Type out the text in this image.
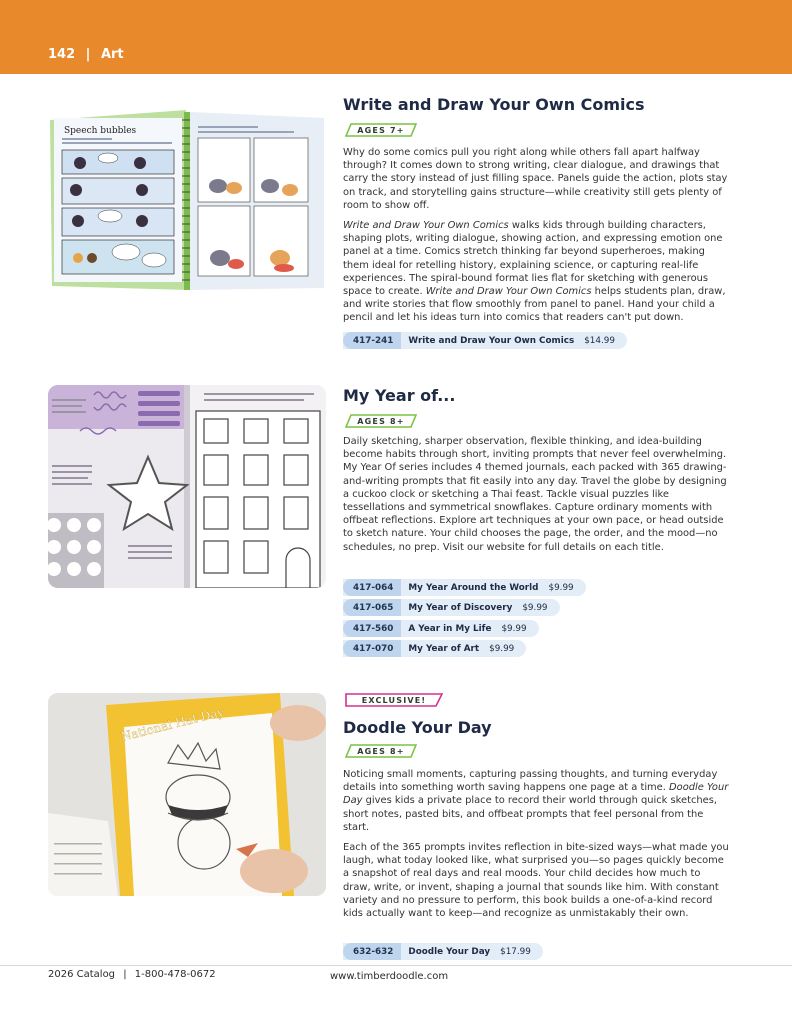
142 | Art
Speech bubbles
Write and Draw Your Own Comics
AGES 7+

Why do some comics pull you right along while others fall apart halfway through? It comes down to strong writing, clear dialogue, and drawings that carry the story instead of just filling space. Panels guide the action, plots stay on track, and storytelling gains structure—while creativity still gets plenty of room to show off.

Write and Draw Your Own Comics walks kids through building characters, shaping plots, writing dialogue, showing action, and expressing emotion one panel at a time. Comics stretch thinking far beyond superheroes, making them ideal for retelling history, explaining science, or capturing real-life experiences. The spiral-bound format lies flat for sketching with generous space to create. Write and Draw Your Own Comics helps students plan, draw, and write stories that flow smoothly from panel to panel. Hand your child a pencil and let his ideas turn into comics that readers can't put down.

417-241	Write and Draw Your Own Comics	$14.99
My Year of...
AGES 8+

Daily sketching, sharper observation, flexible thinking, and idea-building become habits through short, inviting prompts that never feel overwhelming. My Year Of series includes 4 themed journals, each packed with 365 drawing-and-writing prompts that fit easily into any day. Travel the globe by designing a cuckoo clock or sketching a Thai feast. Tackle visual puzzles like tessellations and symmetrical snowflakes. Capture ordinary moments with offbeat reflections. Explore art techniques at your own pace, or head outside to sketch nature. Your child chooses the page, the order, and the mood—no schedules, no prep. Visit our website for full details on each title.

417-064	My Year Around the World	$9.99
417-065	My Year of Discovery	$9.99
417-560	A Year in My Life	$9.99
417-070	My Year of Art	$9.99
National Hat Day
EXCLUSIVE!
Doodle Your Day
AGES 8+

Noticing small moments, capturing passing thoughts, and turning everyday details into something worth saving happens one page at a time. Doodle Your Day gives kids a private place to record their world through quick sketches, short notes, pasted bits, and offbeat prompts that feel personal from the start.

Each of the 365 prompts invites reflection in bite-sized ways—what made you laugh, what today looked like, what surprised you—so pages quickly become a snapshot of real days and real moods. Your child decides how much to draw, write, or invent, shaping a journal that sounds like him. With constant variety and no pressure to perform, this book builds a one-of-a-kind record kids actually want to keep—and recognize as unmistakably their own.

632-632	Doodle Your Day	$17.99
2026 Catalog | 1-800-478-0672	www.timberdoodle.com
